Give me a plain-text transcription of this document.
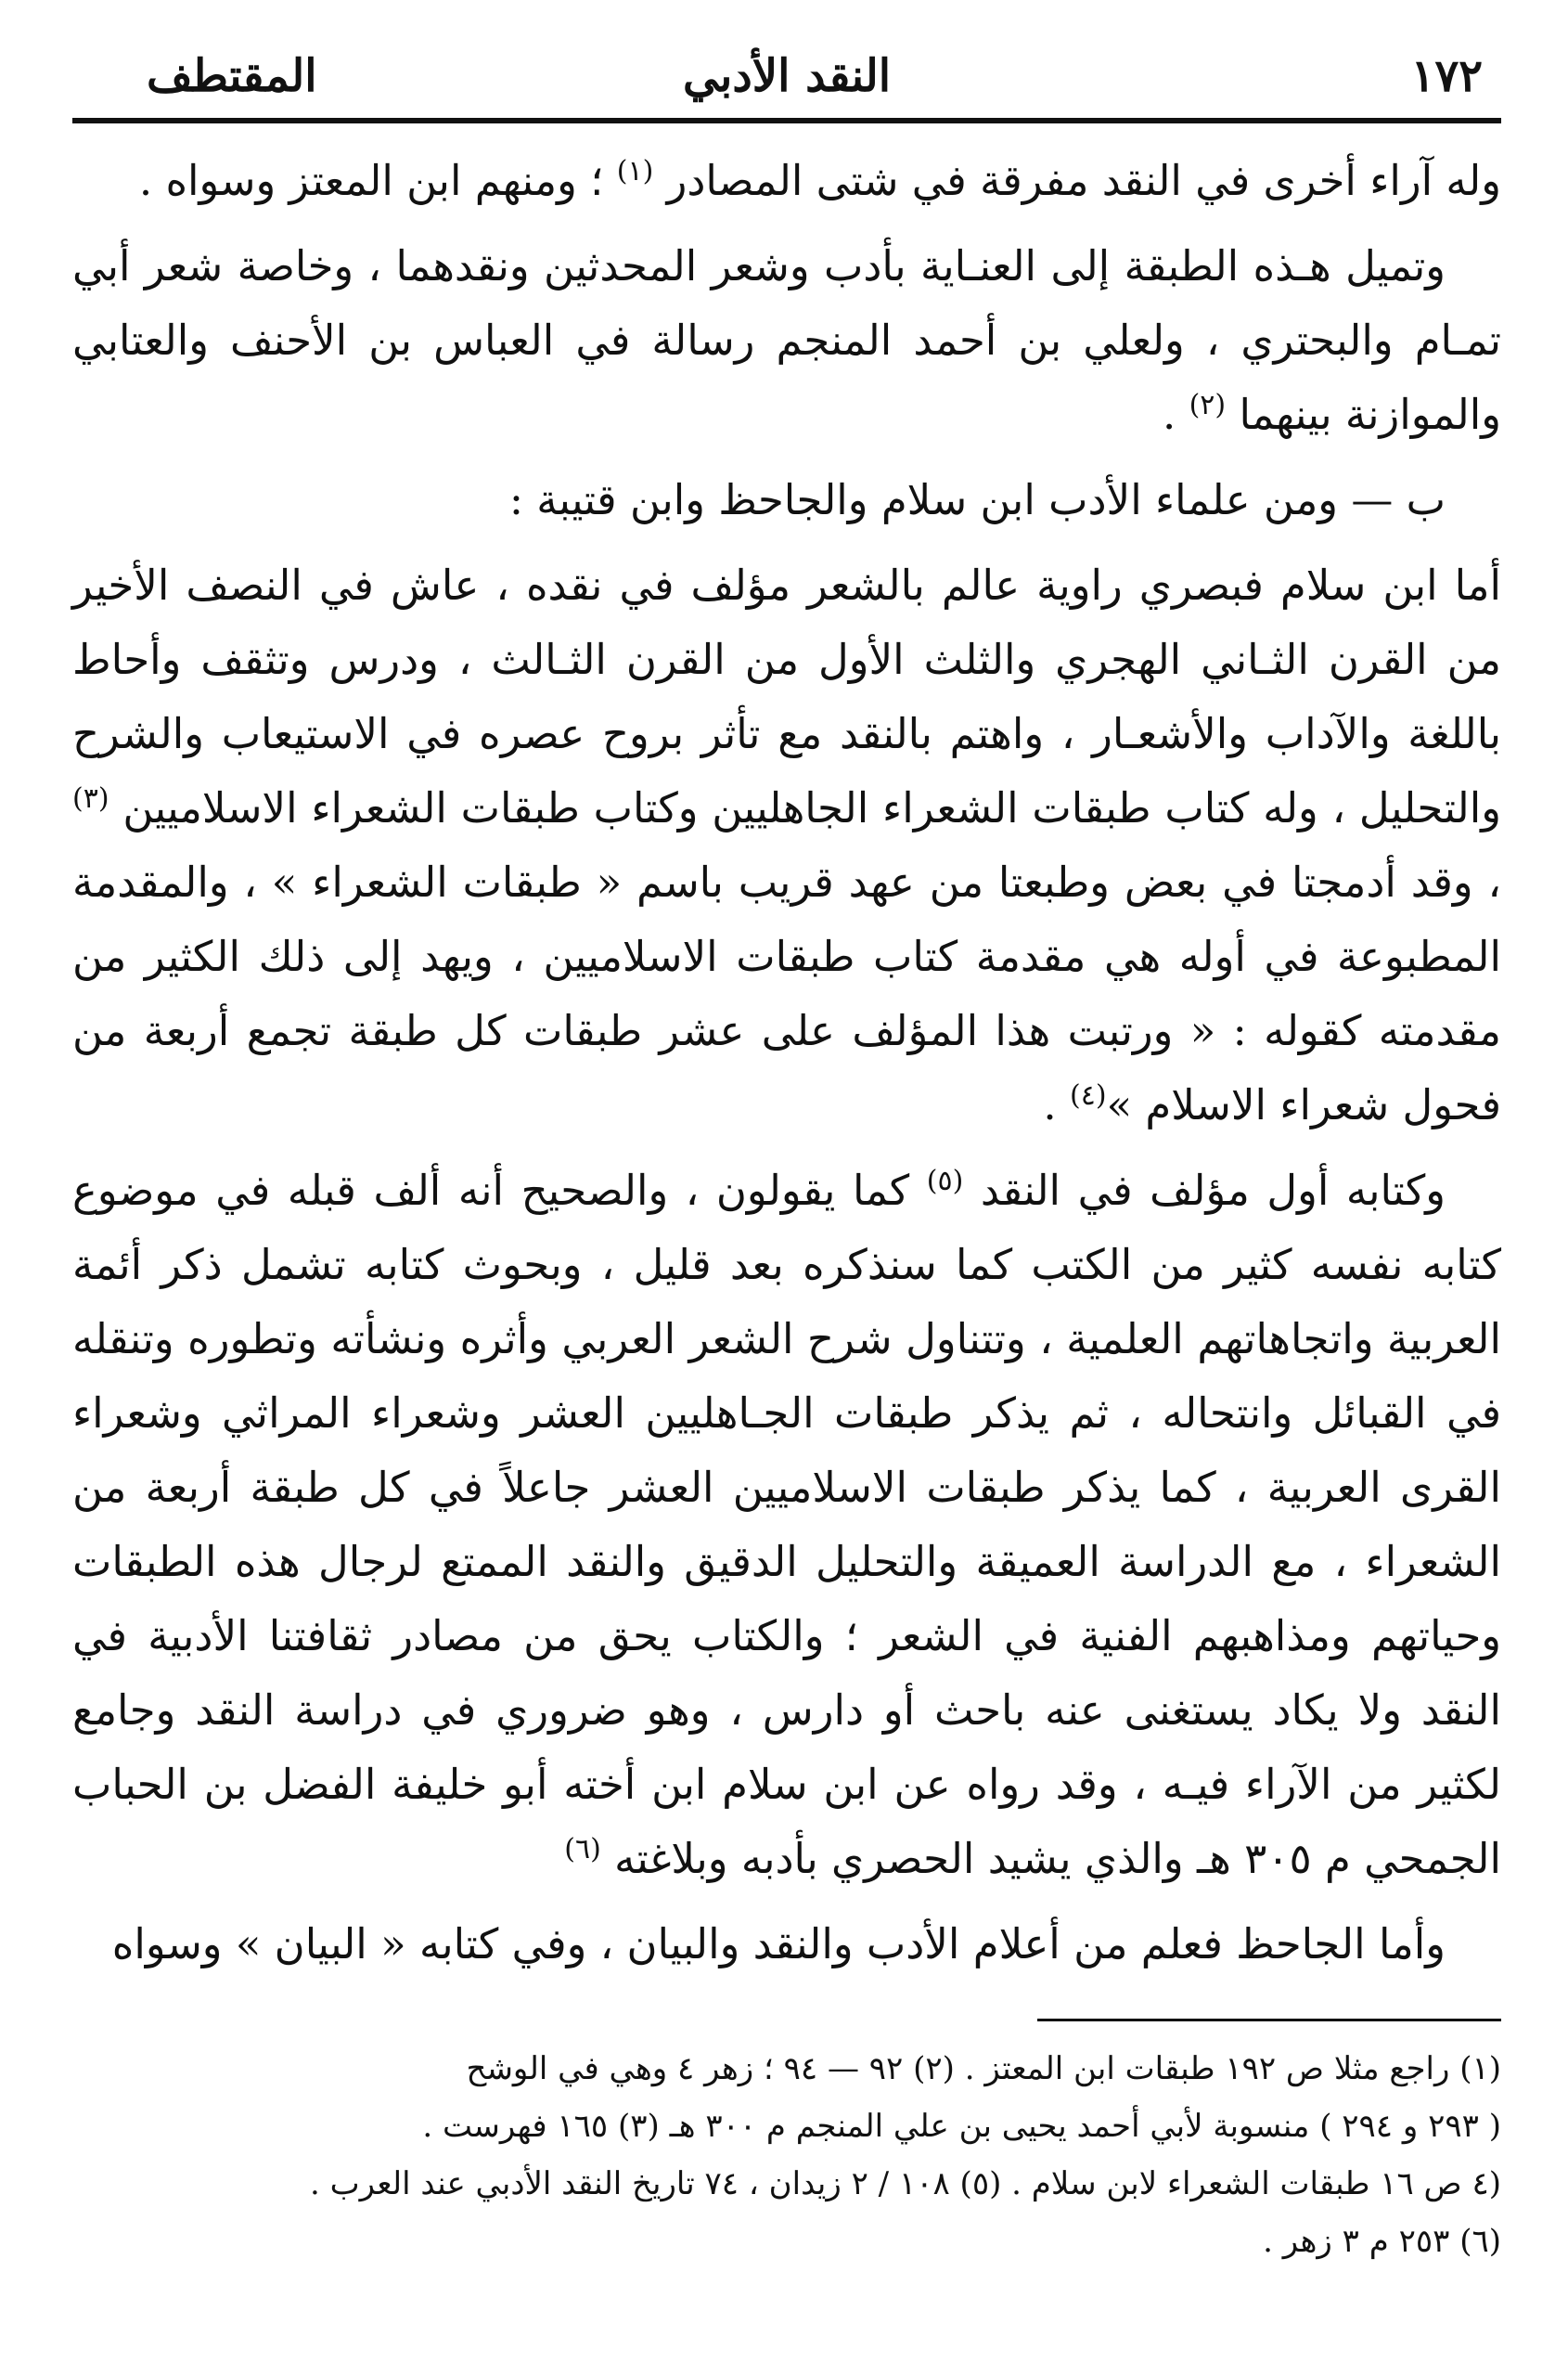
١٧٢
النقد الأدبي
المقتطف

وله آراء أخرى في النقد مفرقة في شتى المصادر $^{(١)}$ ؛ ومنهم ابن المعتز وسواه .

وتميل هـذه الطبقة إلى العنـاية بأدب وشعر المحدثين ونقدهما ، وخاصة شعر أبي تمـام والبحتري ، ولعلي بن أحمد المنجم رسالة في العباس بن الأحنف والعتابي والموازنة بينهما $^{(٢)}$ .

ب — ومن علماء الأدب ابن سلام والجاحظ وابن قتيبة :

أما ابن سلام فبصري راوية عالم بالشعر مؤلف في نقده ، عاش في النصف الأخير من القرن الثـاني الهجري والثلث الأول من القرن الثـالث ، ودرس وتثقف وأحاط باللغة والآداب والأشعـار ، واهتم بالنقد مع تأثر بروح عصره في الاستيعاب والشرح والتحليل ، وله كتاب طبقات الشعراء الجاهليين وكتاب طبقات الشعراء الاسلاميين $^{(٣)}$ ، وقد أدمجتا في بعض وطبعتا من عهد قريب باسم « طبقات الشعراء » ، والمقدمة المطبوعة في أوله هي مقدمة كتاب طبقات الاسلاميين ، ويهد إلى ذلك الكثير من مقدمته كقوله : « ورتبت هذا المؤلف على عشر طبقات كل طبقة تجمع أربعة من فحول شعراء الاسلام »$^{(٤)}$ .

وكتابه أول مؤلف في النقد $^{(٥)}$ كما يقولون ، والصحيح أنه ألف قبله في موضوع كتابه نفسه كثير من الكتب كما سنذكره بعد قليل ، وبحوث كتابه تشمل ذكر أئمة العربية واتجاهاتهم العلمية ، وتتناول شرح الشعر العربي وأثره ونشأته وتطوره وتنقله في القبائل وانتحاله ، ثم يذكر طبقات الجـاهليين العشر وشعراء المراثي وشعراء القرى العربية ، كما يذكر طبقات الاسلاميين العشر جاعلاً في كل طبقة أربعة من الشعراء ، مع الدراسة العميقة والتحليل الدقيق والنقد الممتع لرجال هذه الطبقات وحياتهم ومذاهبهم الفنية في الشعر ؛ والكتاب يحق من مصادر ثقافتنا الأدبية في النقد ولا يكاد يستغنى عنه باحث أو دارس ، وهو ضروري في دراسة النقد وجامع لكثير من الآراء فيـه ، وقد رواه عن ابن سلام ابن أخته أبو خليفة الفضل بن الحباب الجمحي م ٣٠٥ هـ والذي يشيد الحصري بأدبه وبلاغته $^{(٦)}$

وأما الجاحظ فعلم من أعلام الأدب والنقد والبيان ، وفي كتابه « البيان » وسواه

(١) راجع مثلا ص ١٩٢ طبقات ابن المعتز . (٢) ٩٢ — ٩٤ ؛ زهر ٤ وهي في الوشح
( ٢٩٣ و ٢٩٤ ) منسوبة لأبي أحمد يحيى بن علي المنجم م ٣٠٠ هـ (٣) ١٦٥ فهرست .
(٤ ص ١٦ طبقات الشعراء لابن سلام . (٥) ١٠٨ / ٢ زيدان ، ٧٤ تاريخ النقد الأدبي عند العرب .
(٦) ٢٥٣ م ٣ زهر .
